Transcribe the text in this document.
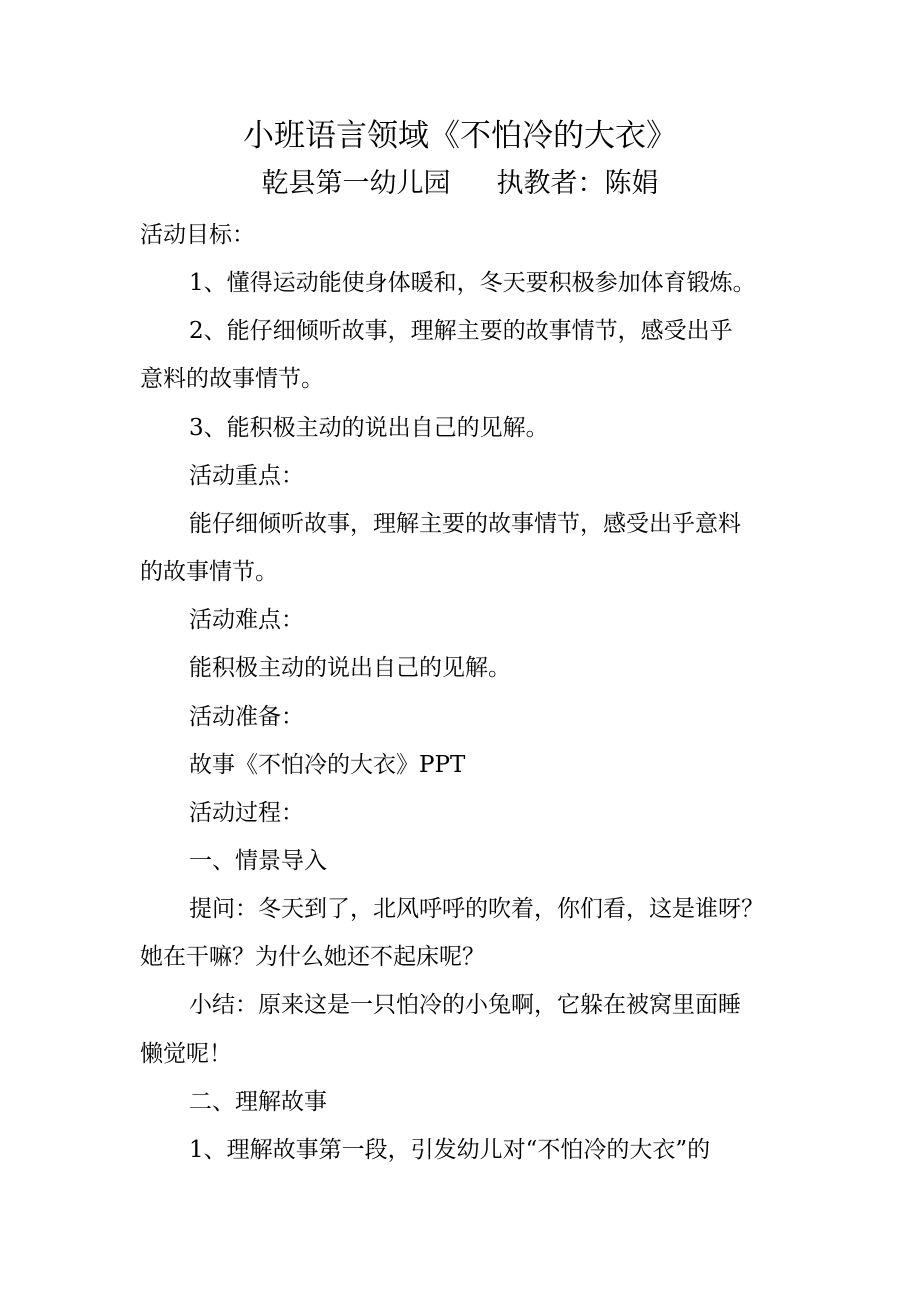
小班语言领域《不怕冷的大衣》
乾县第一幼儿园 执教者：陈娟
活动目标：
1、懂得运动能使身体暖和，冬天要积极参加体育锻炼。
2、能仔细倾听故事，理解主要的故事情节，感受出乎
意料的故事情节。
3、能积极主动的说出自己的见解。
活动重点：
能仔细倾听故事，理解主要的故事情节，感受出乎意料
的故事情节。
活动难点：
能积极主动的说出自己的见解。
活动准备：
故事《不怕冷的大衣》PPT
活动过程：
一、情景导入
提问：冬天到了，北风呼呼的吹着，你们看，这是谁呀？
她在干嘛？为什么她还不起床呢？
小结：原来这是一只怕冷的小兔啊，它躲在被窝里面睡
懒觉呢！
二、理解故事
1、理解故事第一段，引发幼儿对“不怕冷的大衣”的
